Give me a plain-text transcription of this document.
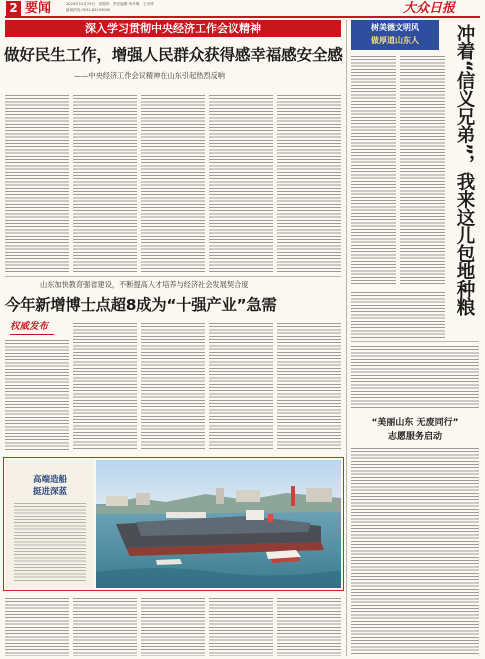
2 要闻	2024年12月19日　星期四　责任编辑 李丹琳　王安琦
新闻热线 0531-85193000	大众日报
深入学习贯彻中央经济工作会议精神
做好民生工作，增强人民群众获得感幸福感安全感
——中央经济工作会议精神在山东引起热烈反响
山东加快教育强省建设，不断提高人才培养与经济社会发展契合度
今年新增博士点超8成为“十强产业”急需
权威发布
高端造船
挺进深蓝
树美德文明风
做厚道山东人	冲着“信义兄弟”，我来这儿包地种粮
“美丽山东 无废同行”
志愿服务启动
